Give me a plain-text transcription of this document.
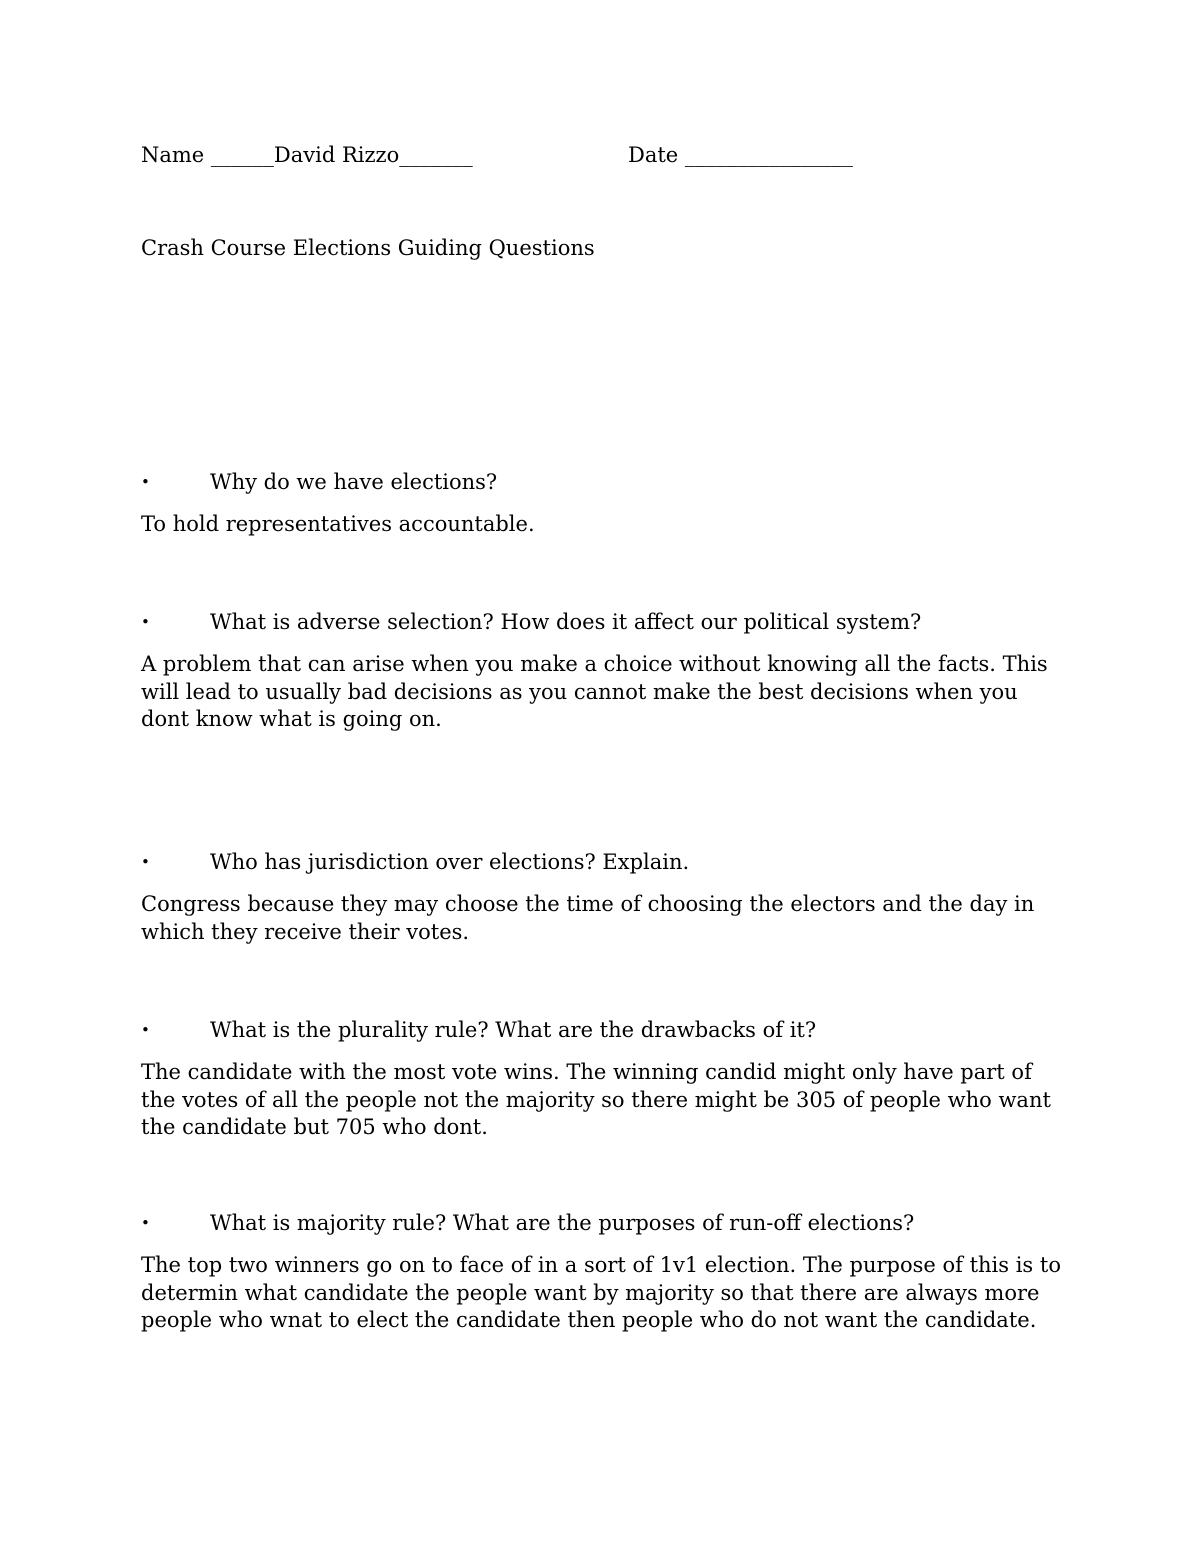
Name ______David Rizzo_______	Date ________________
Crash Course Elections Guiding Questions
•	Why do we have elections?
To hold representatives accountable.
•	What is adverse selection? How does it affect our political system?
A problem that can arise when you make a choice without knowing all the facts. This will lead to usually bad decisions as you cannot make the best decisions when you dont know what is going on.
•	Who has jurisdiction over elections? Explain.
Congress because they may choose the time of choosing the electors and the day in which they receive their votes.
•	What is the plurality rule? What are the drawbacks of it?
The candidate with the most vote wins. The winning candid might only have part of the votes of all the people not the majority so there might be 305 of people who want the candidate but 705 who dont.
•	What is majority rule? What are the purposes of run-off elections?
The top two winners go on to face of in a sort of 1v1 election. The purpose of this is to determin what candidate the people want by majority so that there are always more people who wnat to elect the candidate then people who do not want the candidate.
